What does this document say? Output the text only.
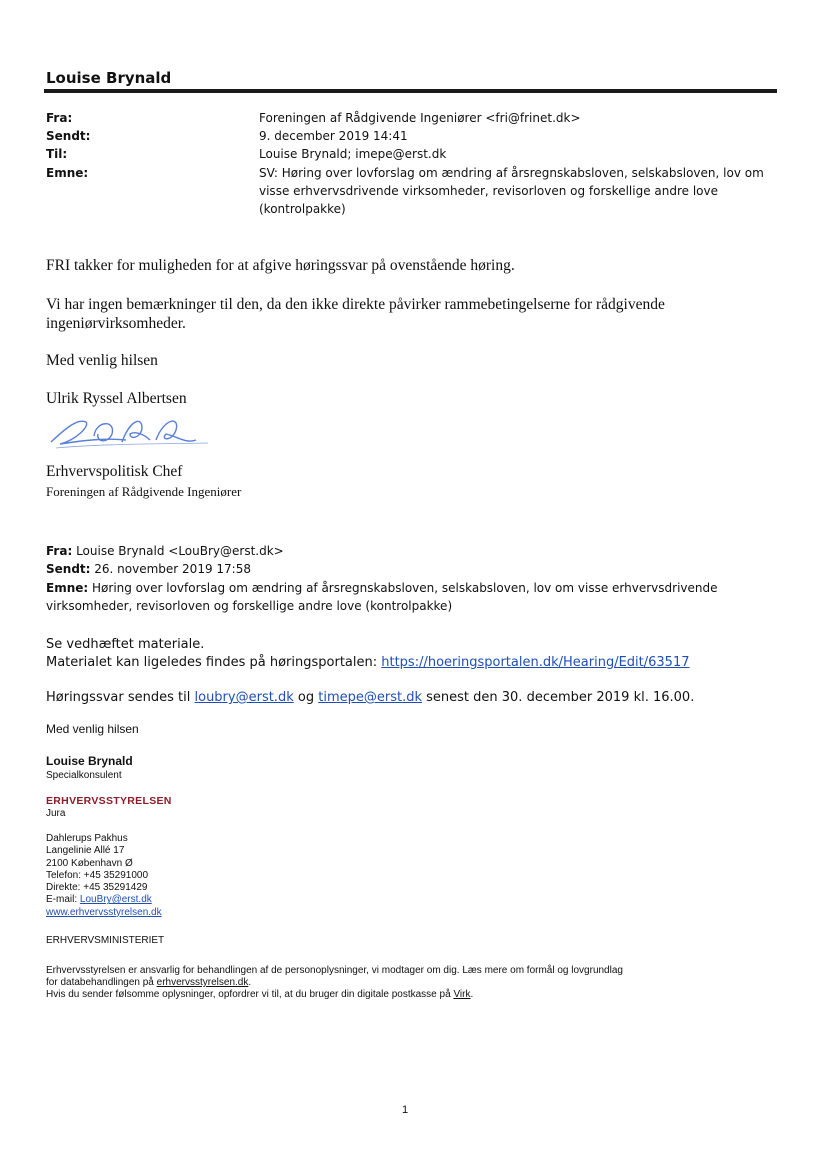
Louise Brynald
Fra:	Foreningen af Rådgivende Ingeniører <fri@frinet.dk>
Sendt:	9. december 2019 14:41
Til:	Louise Brynald; imepe@erst.dk
Emne:	SV: Høring over lovforslag om ændring af årsregnskabsloven, selskabsloven, lov om
visse erhvervsdrivende virksomheder, revisorloven og forskellige andre love
(kontrolpakke)
FRI takker for muligheden for at afgive høringssvar på ovenstående høring.
Vi har ingen bemærkninger til den, da den ikke direkte påvirker rammebetingelserne for rådgivende
ingeniørvirksomheder.
Med venlig hilsen
Ulrik Ryssel Albertsen
Erhvervspolitisk Chef
Foreningen af Rådgivende Ingeniører
Fra: Louise Brynald <LouBry@erst.dk>
Sendt: 26. november 2019 17:58
Emne: Høring over lovforslag om ændring af årsregnskabsloven, selskabsloven, lov om visse erhvervsdrivende
virksomheder, revisorloven og forskellige andre love (kontrolpakke)
Se vedhæftet materiale.
Materialet kan ligeledes findes på høringsportalen: https://hoeringsportalen.dk/Hearing/Edit/63517
Høringssvar sendes til loubry@erst.dk og timepe@erst.dk senest den 30. december 2019 kl. 16.00.
Med venlig hilsen
Louise Brynald
Specialkonsulent
ERHVERVSSTYRELSEN
Jura
Dahlerups Pakhus
Langelinie Allé 17
2100 København Ø
Telefon: +45 35291000
Direkte: +45 35291429
E-mail: LouBry@erst.dk
www.erhvervsstyrelsen.dk
ERHVERVSMINISTERIET
Erhvervsstyrelsen er ansvarlig for behandlingen af de personoplysninger, vi modtager om dig. Læs mere om formål og lovgrundlag
for databehandlingen på erhvervsstyrelsen.dk.
Hvis du sender følsomme oplysninger, opfordrer vi til, at du bruger din digitale postkasse på Virk.
1
